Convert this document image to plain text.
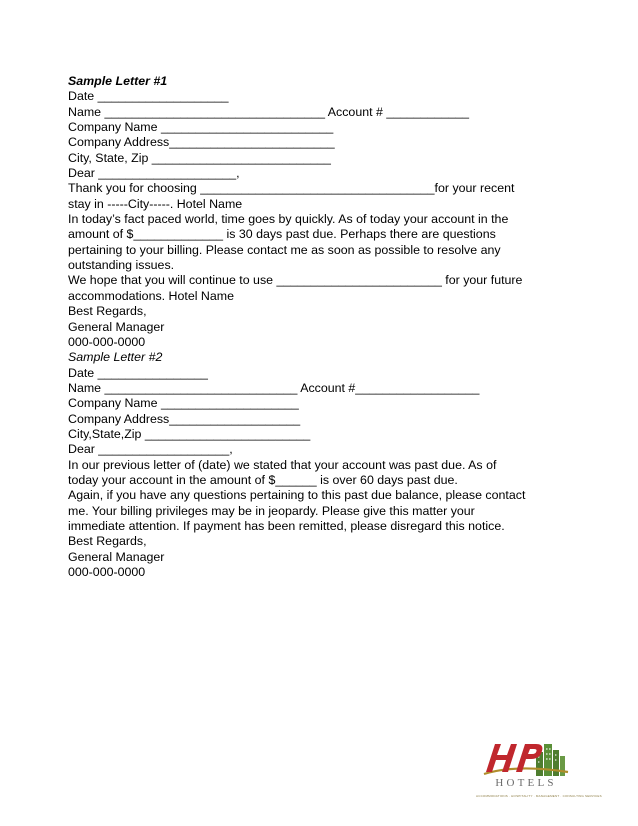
Sample Letter #1
Date ___________________
Name ________________________________ Account # ____________
Company Name _________________________
Company Address________________________
City, State, Zip __________________________
Dear ____________________,
Thank you for choosing __________________________________for your recent stay in -----City-----. Hotel Name
In today’s fact paced world, time goes by quickly. As of today your account in the amount of $_____________ is 30 days past due. Perhaps there are questions pertaining to your billing. Please contact me as soon as possible to resolve any outstanding issues.
We hope that you will continue to use ________________________ for your future accommodations. Hotel Name
Best Regards,
General Manager
000-000-0000
Sample Letter #2
Date ________________
Name ____________________________ Account #__________________
Company Name ____________________
Company Address___________________
City,State,Zip ________________________
Dear ___________________,
In our previous letter of (date) we stated that your account was past due. As of today your account in the amount of $______ is over 60 days past due.
Again, if you have any questions pertaining to this past due balance, please contact me. Your billing privileges may be in jeopardy. Please give this matter your immediate attention. If payment has been remitted, please disregard this notice.
Best Regards,
General Manager
000-000-0000
HOTELS
ACCOMMODATIONS · HOSPITALITY · MANAGEMENT · CONSULTING SERVICES
